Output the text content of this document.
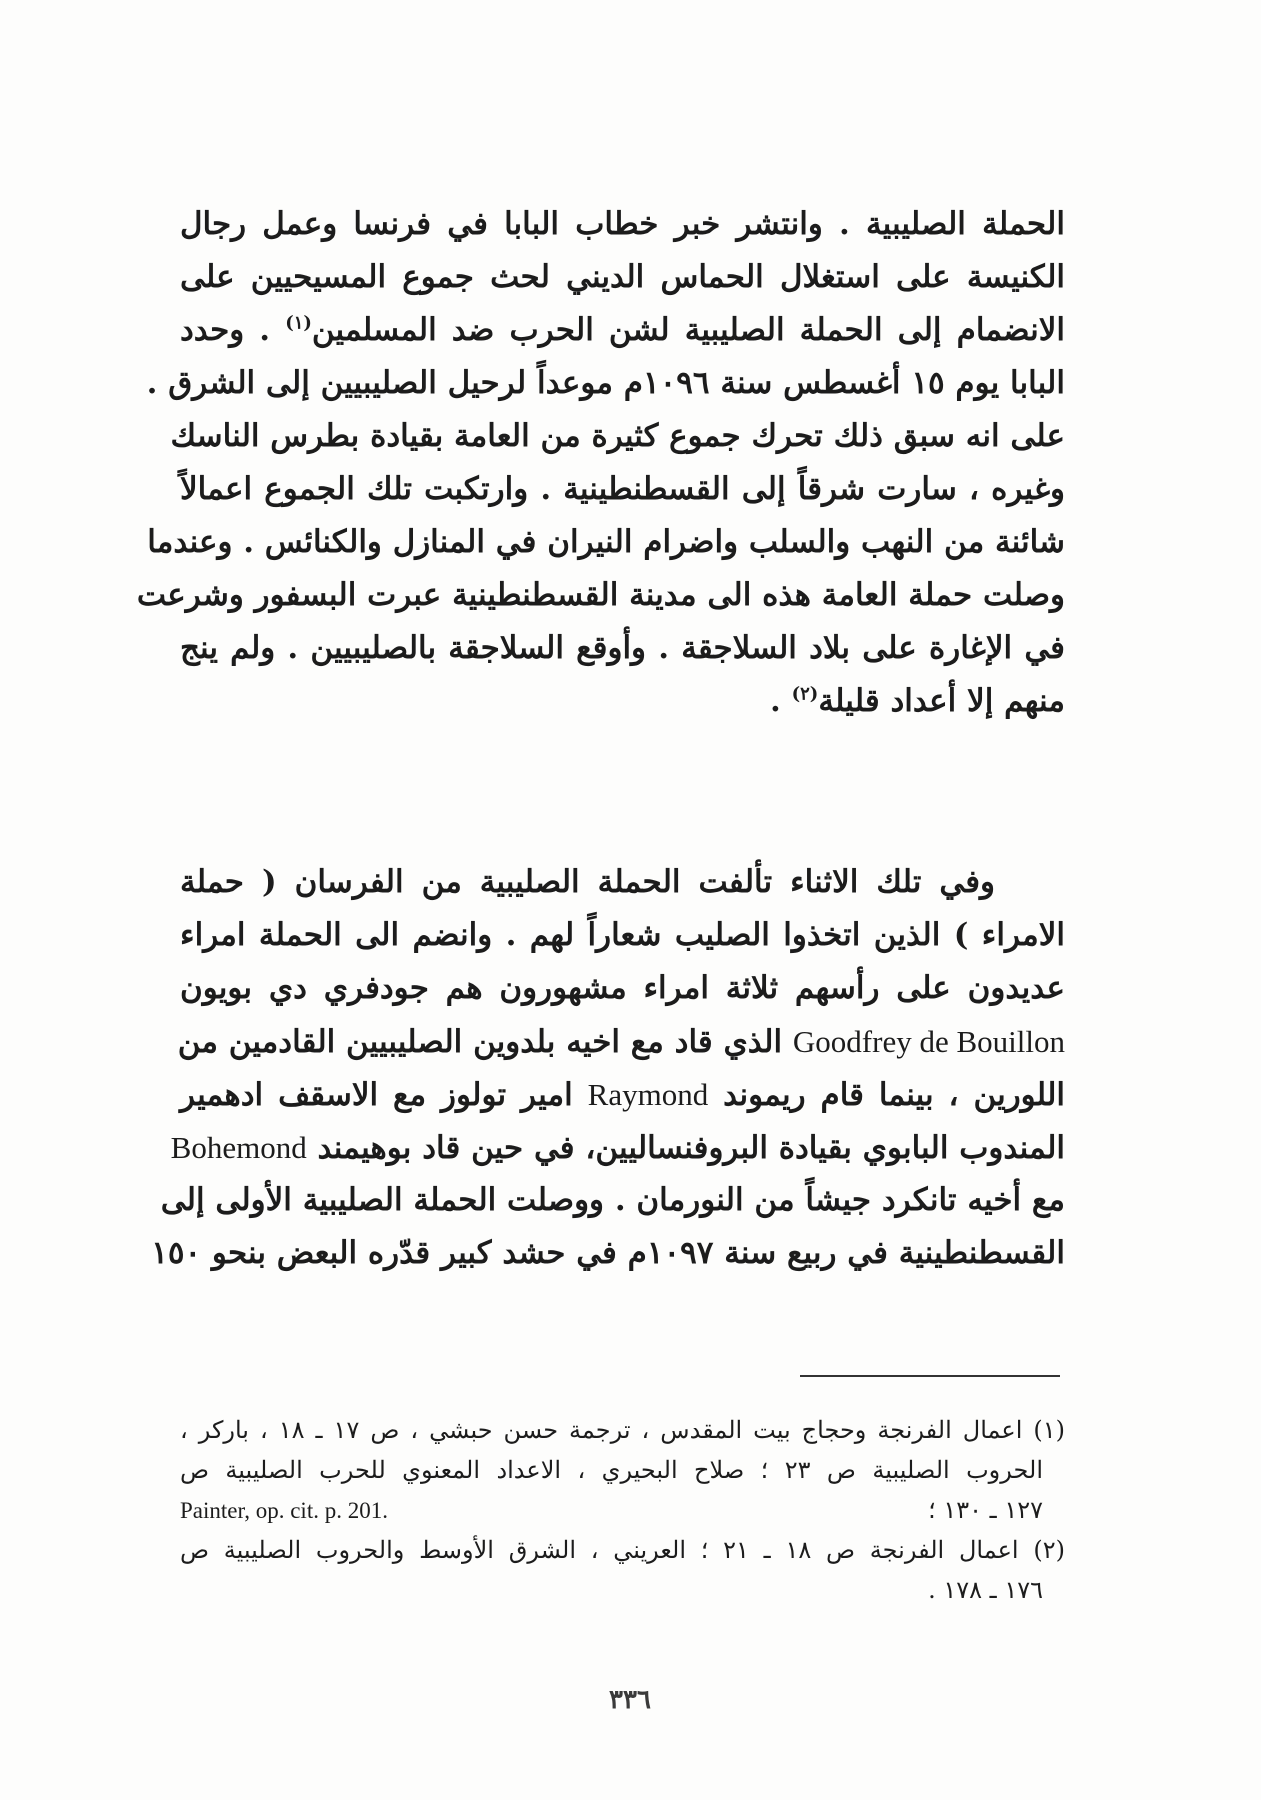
الحملة الصليبية . وانتشر خبر خطاب البابا في فرنسا وعمل رجال
الكنيسة على استغلال الحماس الديني لحث جموع المسيحيين على
الانضمام إلى الحملة الصليبية لشن الحرب ضد المسلمين$^{(١)}$ . وحدد
البابا يوم ١٥ أغسطس سنة ١٠٩٦م موعداً لرحيل الصليبيين إلى الشرق .
على انه سبق ذلك تحرك جموع كثيرة من العامة بقيادة بطرس الناسك
وغيره ، سارت شرقاً إلى القسطنطينية . وارتكبت تلك الجموع اعمالاً
شائنة من النهب والسلب واضرام النيران في المنازل والكنائس . وعندما
وصلت حملة العامة هذه الى مدينة القسطنطينية عبرت البسفور وشرعت
في الإغارة على بلاد السلاجقة . وأوقع السلاجقة بالصليبيين . ولم ينج
منهم إلا أعداد قليلة$^{(٢)}$ .
وفي تلك الاثناء تألفت الحملة الصليبية من الفرسان ( حملة
الامراء ) الذين اتخذوا الصليب شعاراً لهم . وانضم الى الحملة امراء
عديدون على رأسهم ثلاثة امراء مشهورون هم جودفري دي بويون
Goodfrey de Bouillon الذي قاد مع اخيه بلدوين الصليبيين القادمين من
اللورين ، بينما قام ريموند Raymond امير تولوز مع الاسقف ادهمير
المندوب البابوي بقيادة البروفنساليين، في حين قاد بوهيمند Bohemond
مع أخيه تانكرد جيشاً من النورمان . ووصلت الحملة الصليبية الأولى إلى
القسطنطينية في ربيع سنة ١٠٩٧م في حشد كبير قدّره البعض بنحو ١٥٠
(١) اعمال الفرنجة وحجاج بيت المقدس ، ترجمة حسن حبشي ، ص ١٧ ـ ١٨ ، باركر ،
الحروب الصليبية ص ٢٣ ؛ صلاح البحيري ، الاعداد المعنوي للحرب الصليبية ص
١٢٧ ـ ١٣٠ ؛
Painter, op. cit. p. 201.
(٢) اعمال الفرنجة ص ١٨ ـ ٢١ ؛ العريني ، الشرق الأوسط والحروب الصليبية ص
١٧٦ ـ ١٧٨ .
٣٣٦
